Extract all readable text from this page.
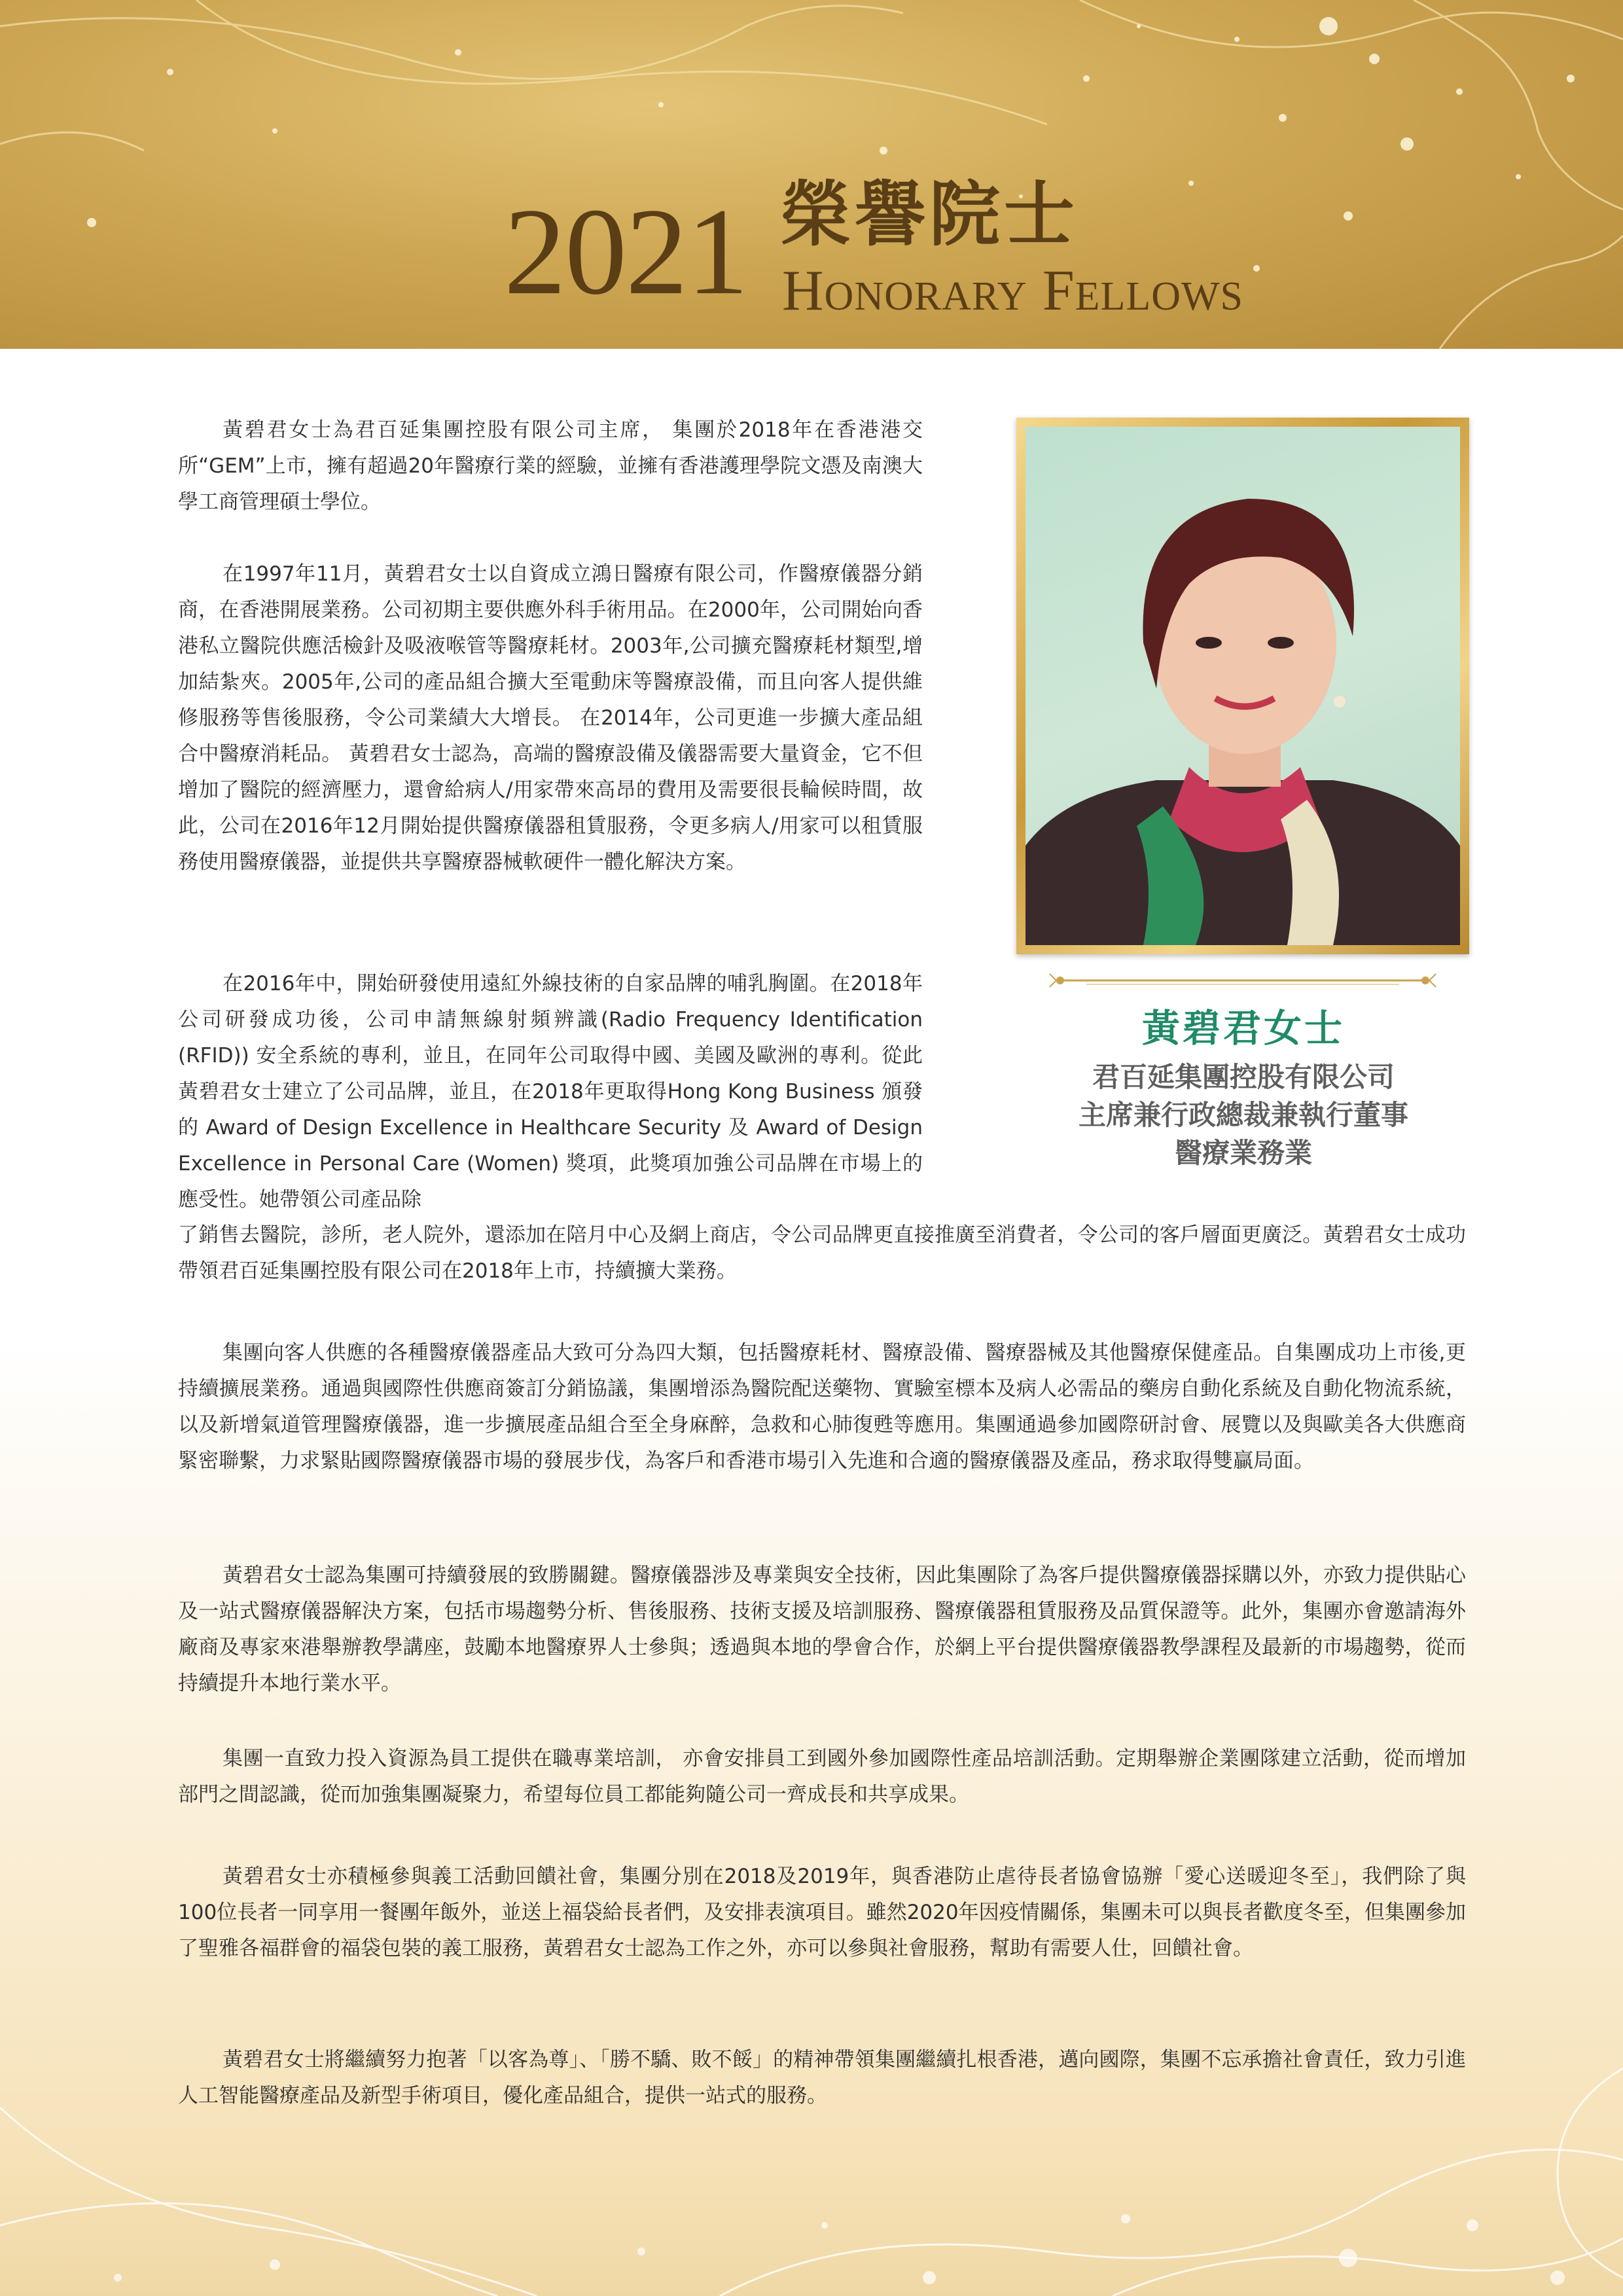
2021 榮譽院士
Honorary Fellows

黃碧君女士為君百延集團控股有限公司主席， 集團於2018年在香港港交所“GEM”上市，擁有超過20年醫療行業的經驗，並擁有香港護理學院文憑及南澳大學工商管理碩士學位。

在1997年11月，黃碧君女士以自資成立鴻日醫療有限公司，作醫療儀器分銷商，在香港開展業務。公司初期主要供應外科手術用品。在2000年，公司開始向香港私立醫院供應活檢針及吸液喉管等醫療耗材。2003年,公司擴充醫療耗材類型,增加結紮夾。2005年,公司的產品組合擴大至電動床等醫療設備，而且向客人提供維修服務等售後服務，令公司業績大大增長。 在2014年，公司更進一步擴大產品組合中醫療消耗品。 黃碧君女士認為，高端的醫療設備及儀器需要大量資金，它不但增加了醫院的經濟壓力，還會給病人/用家帶來高昂的費用及需要很長輪候時間，故此，公司在2016年12月開始提供醫療儀器租賃服務，令更多病人/用家可以租賃服務使用醫療儀器，並提供共享醫療器械軟硬件一體化解決方案。

在2016年中，開始研發使用遠紅外線技術的自家品牌的哺乳胸圍。在2018年公司研發成功後，公司申請無線射頻辨識(Radio Frequency Identification (RFID)) 安全系統的專利，並且，在同年公司取得中國、美國及歐洲的專利。從此黃碧君女士建立了公司品牌，並且，在2018年更取得Hong Kong Business 頒發的 Award of Design Excellence in Healthcare Security 及 Award of Design Excellence in Personal Care (Women) 獎項，此獎項加強公司品牌在市場上的應受性。她帶領公司產品除

了銷售去醫院，診所，老人院外，還添加在陪月中心及網上商店，令公司品牌更直接推廣至消費者，令公司的客戶層面更廣泛。黃碧君女士成功帶領君百延集團控股有限公司在2018年上市，持續擴大業務。

集團向客人供應的各種醫療儀器產品大致可分為四大類，包括醫療耗材、醫療設備、醫療器械及其他醫療保健產品。自集團成功上市後,更持續擴展業務。通過與國際性供應商簽訂分銷協議，集團增添為醫院配送藥物、實驗室標本及病人必需品的藥房自動化系統及自動化物流系統，以及新增氣道管理醫療儀器，進一步擴展產品組合至全身麻醉，急救和心肺復甦等應用。集團通過參加國際研討會、展覽以及與歐美各大供應商緊密聯繫，力求緊貼國際醫療儀器市場的發展步伐，為客戶和香港市場引入先進和合適的醫療儀器及產品，務求取得雙贏局面。

黃碧君女士認為集團可持續發展的致勝關鍵。醫療儀器涉及專業與安全技術，因此集團除了為客戶提供醫療儀器採購以外，亦致力提供貼心及一站式醫療儀器解決方案，包括市場趨勢分析、售後服務、技術支援及培訓服務、醫療儀器租賃服務及品質保證等。此外，集團亦會邀請海外廠商及專家來港舉辦教學講座，鼓勵本地醫療界人士參與；透過與本地的學會合作，於網上平台提供醫療儀器教學課程及最新的市場趨勢，從而持續提升本地行業水平。

集團一直致力投入資源為員工提供在職專業培訓， 亦會安排員工到國外參加國際性產品培訓活動。定期舉辦企業團隊建立活動，從而增加部門之間認識，從而加強集團凝聚力，希望每位員工都能夠隨公司一齊成長和共享成果。

黃碧君女士亦積極參與義工活動回饋社會，集團分別在2018及2019年，與香港防止虐待長者協會協辦「愛心送暖迎冬至」，我們除了與100位長者一同享用一餐團年飯外，並送上福袋給長者們，及安排表演項目。雖然2020年因疫情關係，集團未可以與長者歡度冬至，但集團參加了聖雅各福群會的福袋包裝的義工服務，黃碧君女士認為工作之外，亦可以參與社會服務，幫助有需要人仕，回饋社會。

黃碧君女士將繼續努力抱著「以客為尊」、「勝不驕、敗不餒」的精神帶領集團繼續扎根香港，邁向國際，集團不忘承擔社會責任，致力引進人工智能醫療產品及新型手術項目，優化產品組合，提供一站式的服務。

黃碧君女士
君百延集團控股有限公司
主席兼行政總裁兼執行董事
醫療業務業
